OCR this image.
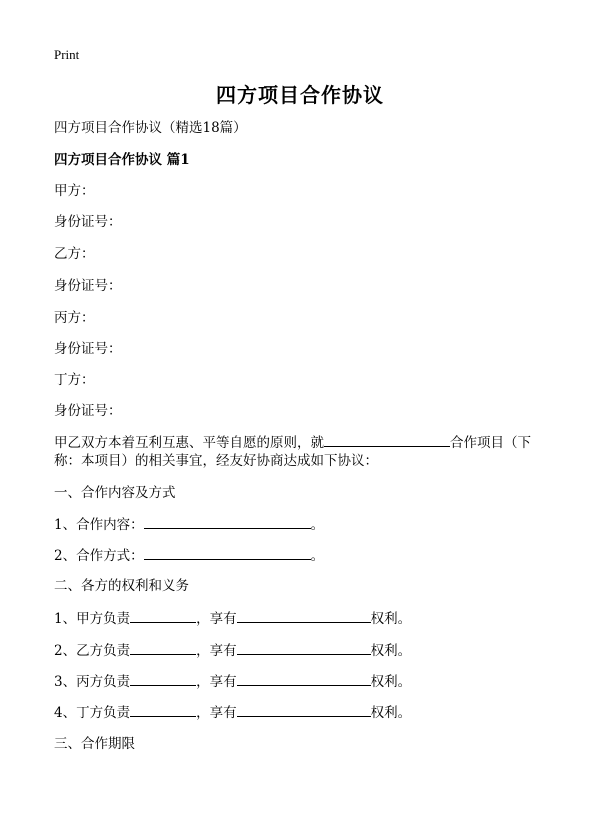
Print
四方项目合作协议
四方项目合作协议（精选18篇）
四方项目合作协议 篇1
甲方：
身份证号：
乙方：
身份证号：
丙方：
身份证号：
丁方：
身份证号：
甲乙双方本着互利互惠、平等自愿的原则，就	合作项目（下
称：本项目）的相关事宜，经友好协商达成如下协议：
一、合作内容及方式
1、合作内容：	。
2、合作方式：	。
二、各方的权利和义务
1、甲方负责	，享有	权利。
2、乙方负责	，享有	权利。
3、丙方负责	，享有	权利。
4、丁方负责	，享有	权利。
三、合作期限
